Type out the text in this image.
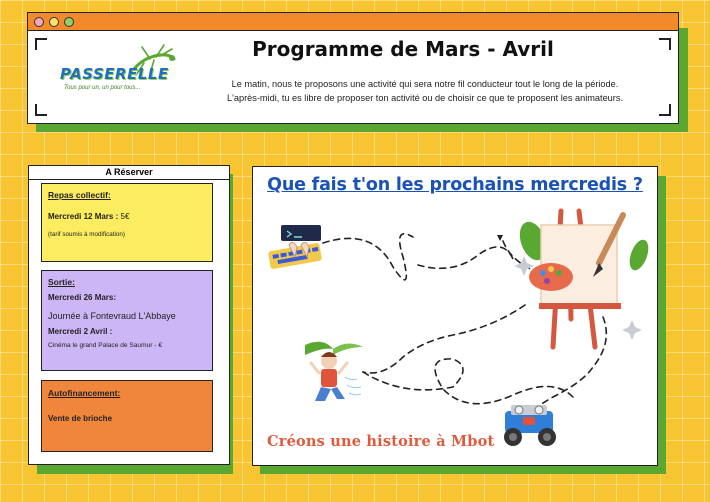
PASSERELLE
Tous pour un, un pour tous...
Programme de Mars - Avril
Le matin, nous te proposons une activité qui sera notre fil conducteur tout le long de la période.
L'après-midi, tu es libre de proposer ton activité ou de choisir ce que te proposent les animateurs.
A Réserver
Repas collectif:
Mercredi 12 Mars : 5€
(tarif soumis à modification)
Sortie:
Mercredi 26 Mars:
Journée à Fontevraud L'Abbaye
Mercredi 2 Avril :
Cinéma le grand Palace de Saumur - €
Autofinancement:
Vente de brioche
Que fais t'on les prochains mercredis ?
Créons une histoire à Mbot
